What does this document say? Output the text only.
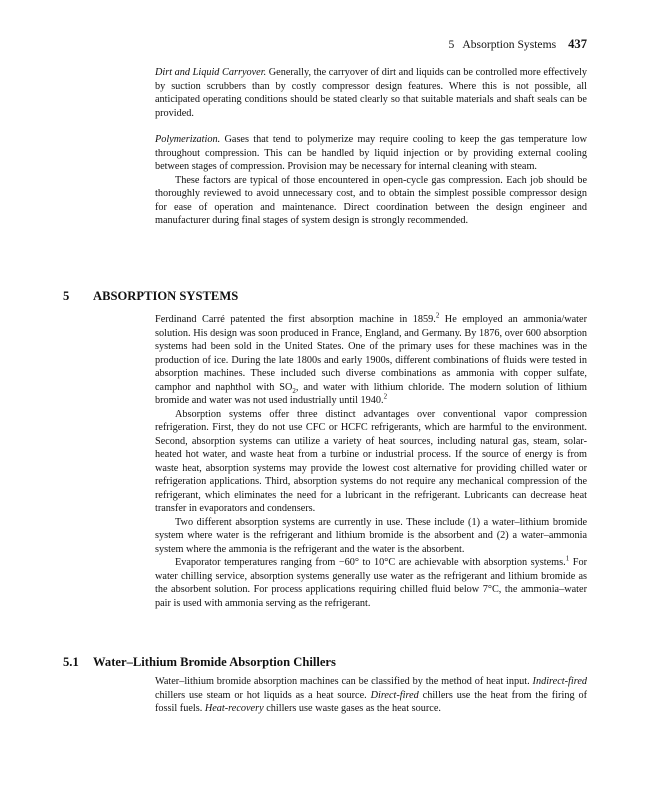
5   Absorption Systems 437

Dirt and Liquid Carryover. Generally, the carryover of dirt and liquids can be controlled more effectively by suction scrubbers than by costly compressor design features. Where this is not possible, all anticipated operating conditions should be stated clearly so that suitable materials and shaft seals can be provided.

Polymerization. Gases that tend to polymerize may require cooling to keep the gas temperature low throughout compression. This can be handled by liquid injection or by providing external cooling between stages of compression. Provision may be necessary for internal cleaning with steam.

These factors are typical of those encountered in open-cycle gas compression. Each job should be thoroughly reviewed to avoid unnecessary cost, and to obtain the simplest possible compressor design for ease of operation and maintenance. Direct coordination between the design engineer and manufacturer during final stages of system design is strongly recommended.

5 ABSORPTION SYSTEMS

Ferdinand Carré patented the first absorption machine in 1859.$^2$ He employed an ammonia/water solution. His design was soon produced in France, England, and Germany. By 1876, over 600 absorption systems had been sold in the United States. One of the primary uses for these machines was in the production of ice. During the late 1800s and early 1900s, different combinations of fluids were tested in absorption machines. These included such diverse combinations as ammonia with copper sulfate, camphor and naphthol with $SO_2$, and water with lithium chloride. The modern solution of lithium bromide and water was not used industrially until 1940.$^2$

Absorption systems offer three distinct advantages over conventional vapor compression refrigeration. First, they do not use CFC or HCFC refrigerants, which are harmful to the environment. Second, absorption systems can utilize a variety of heat sources, including natural gas, steam, solar-heated hot water, and waste heat from a turbine or industrial process. If the source of energy is from waste heat, absorption systems may provide the lowest cost alternative for providing chilled water or refrigeration applications. Third, absorption systems do not require any mechanical compression of the refrigerant, which eliminates the need for a lubricant in the refrigerant. Lubricants can decrease heat transfer in evaporators and condensers.

Two different absorption systems are currently in use. These include (1) a water–lithium bromide system where water is the refrigerant and lithium bromide is the absorbent and (2) a water–ammonia system where the ammonia is the refrigerant and the water is the absorbent.

Evaporator temperatures ranging from −60° to 10°C are achievable with absorption systems.$^1$ For water chilling service, absorption systems generally use water as the refrigerant and lithium bromide as the absorbent solution. For process applications requiring chilled fluid below 7°C, the ammonia–water pair is used with ammonia serving as the refrigerant.

5.1 Water–Lithium Bromide Absorption Chillers

Water–lithium bromide absorption machines can be classified by the method of heat input. Indirect-fired chillers use steam or hot liquids as a heat source. Direct-fired chillers use the heat from the firing of fossil fuels. Heat-recovery chillers use waste gases as the heat source.
